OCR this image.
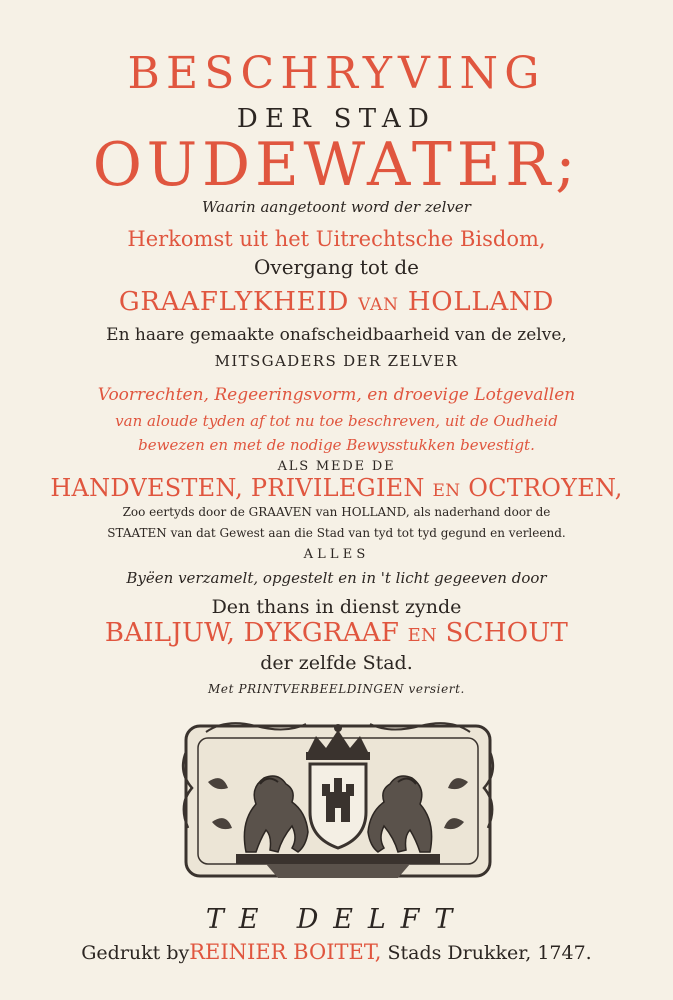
BESCHRYVING
DER STAD
OUDEWATER;
Waarin aangetoont word der zelver
Herkomst uit het Uitrechtsche Bisdom,
Overgang tot de
GRAAFLYKHEID VAN HOLLAND
En haare gemaakte onafscheidbaarheid van de zelve,
MITSGADERS DER ZELVER
Voorrechten, Regeeringsvorm, en droevige Lotgevallen
van aloude tyden af tot nu toe beschreven, uit de Oudheid
bewezen en met de nodige Bewysstukken bevestigt.
ALS MEDE DE
HANDVESTEN, PRIVILEGIEN EN OCTROYEN,
Zoo eertyds door de GRAAVEN van HOLLAND, als naderhand door de
STAATEN van dat Gewest aan die Stad van tyd tot tyd gegund en verleend.
ALLES
Byëen verzamelt, opgestelt en in 't licht gegeeven door
Den thans in dienst zynde
BAILJUW, DYKGRAAF EN SCHOUT
der zelfde Stad.
Met PRINTVERBEELDINGEN versiert.
TE DELFT
Gedrukt byREINIER BOITET, Stads Drukker, 1747.
